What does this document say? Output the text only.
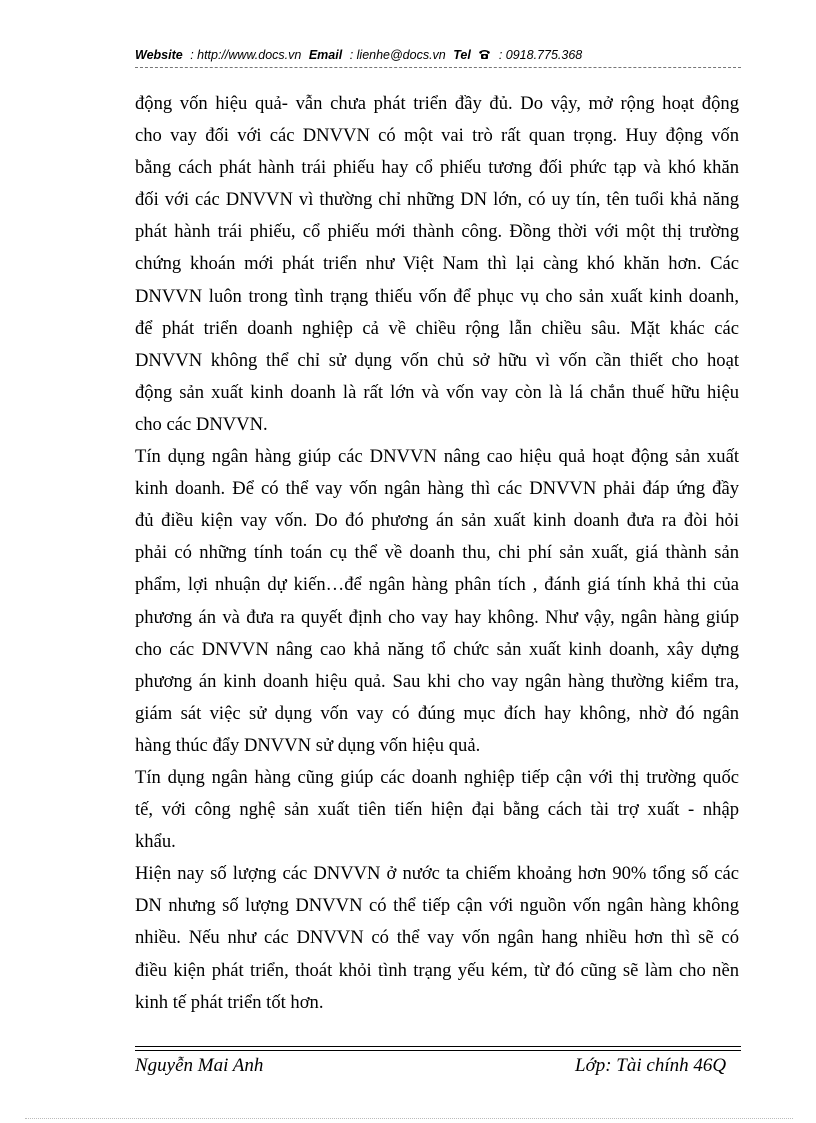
Website : http://www.docs.vn Email : lienhe@docs.vn Tel : 0918.775.368
động vốn hiệu quả- vẫn chưa phát triển đầy đủ. Do vậy, mở rộng hoạt động
cho vay đối với các DNVVN có một vai trò rất quan trọng. Huy động vốn
bằng cách phát hành trái phiếu hay cổ phiếu tương đối phức tạp và khó khăn
đối với các DNVVN vì thường chỉ những DN lớn, có uy tín, tên tuổi khả năng
phát hành trái phiếu, cổ phiếu mới thành công. Đồng thời với một thị trường
chứng khoán mới phát triển như Việt Nam thì lại càng khó khăn hơn. Các
DNVVN luôn trong tình trạng thiếu vốn để phục vụ cho sản xuất kinh doanh,
để phát triển doanh nghiệp cả về chiều rộng lẫn chiều sâu. Mặt khác các
DNVVN không thể chỉ sử dụng vốn chủ sở hữu vì vốn cần thiết cho hoạt
động sản xuất kinh doanh là rất lớn và vốn vay còn là lá chắn thuế hữu hiệu
cho các DNVVN.
Tín dụng ngân hàng giúp các DNVVN nâng cao hiệu quả hoạt động sản xuất
kinh doanh. Để có thể vay vốn ngân hàng thì các DNVVN phải đáp ứng đầy
đủ điều kiện vay vốn. Do đó phương án sản xuất kinh doanh đưa ra đòi hỏi
phải có những tính toán cụ thể về doanh thu, chi phí sản xuất, giá thành sản
phẩm, lợi nhuận dự kiến…để ngân hàng phân tích , đánh giá tính khả thi của
phương án và đưa ra quyết định cho vay hay không. Như vậy, ngân hàng giúp
cho các DNVVN nâng cao khả năng tổ chức sản xuất kinh doanh, xây dựng
phương án kinh doanh hiệu quả. Sau khi cho vay ngân hàng thường kiểm tra,
giám sát việc sử dụng vốn vay có đúng mục đích hay không, nhờ đó ngân
hàng thúc đẩy DNVVN sử dụng vốn hiệu quả.
Tín dụng ngân hàng cũng giúp các doanh nghiệp tiếp cận với thị trường quốc
tế, với công nghệ sản xuất tiên tiến hiện đại bằng cách tài trợ xuất - nhập
khẩu.
Hiện nay số lượng các DNVVN ở nước ta chiếm khoảng hơn 90% tổng số các
DN nhưng số lượng DNVVN có thể tiếp cận với nguồn vốn ngân hàng không
nhiều. Nếu như các DNVVN có thể vay vốn ngân hang nhiều hơn thì sẽ có
điều kiện phát triển, thoát khỏi tình trạng yếu kém, từ đó cũng sẽ làm cho nền
kinh tế phát triển tốt hơn.
Nguyễn Mai Anh	Lớp: Tài chính 46Q
